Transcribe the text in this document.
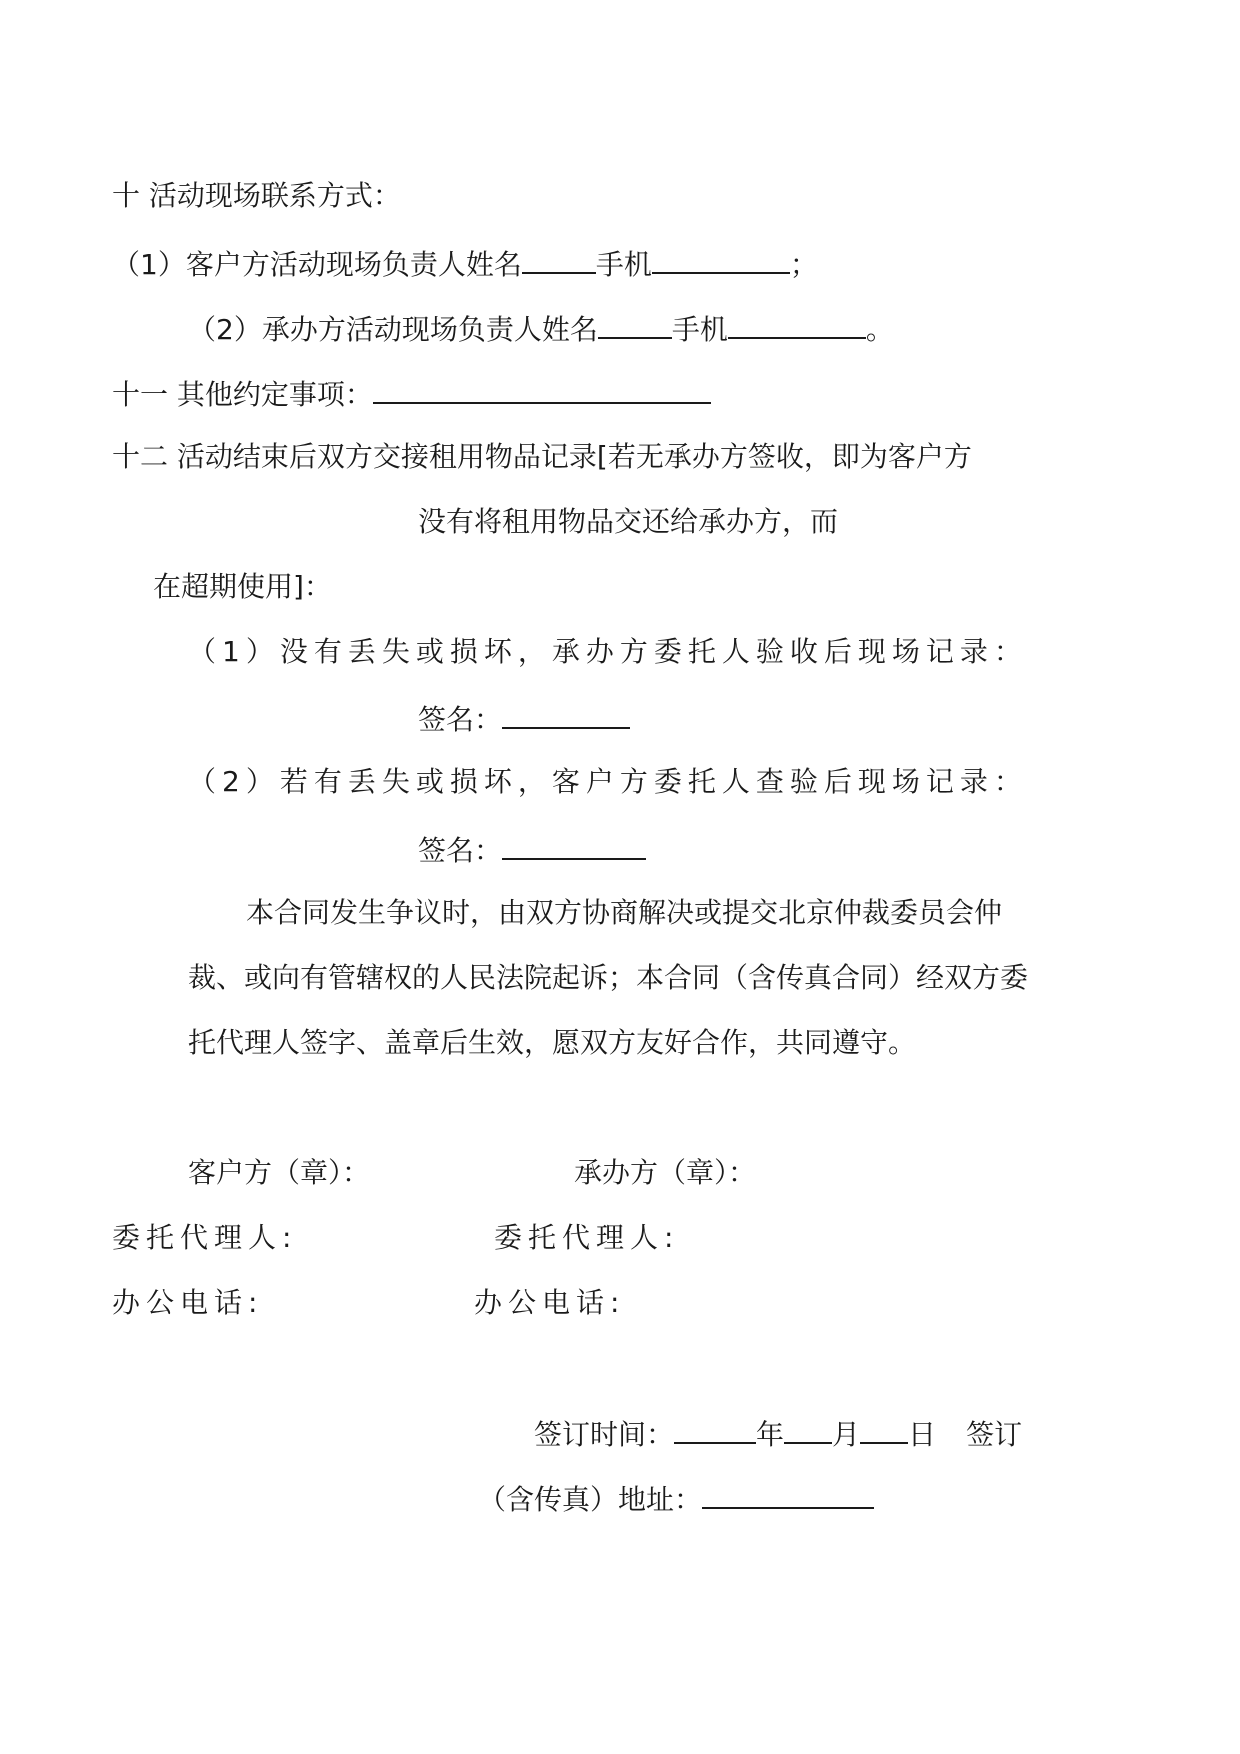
十 活动现场联系方式：
（1）客户方活动现场负责人姓名	手机	；
（2）承办方活动现场负责人姓名	手机	。
十一 其他约定事项：
十二 活动结束后双方交接租用物品记录[若无承办方签收，即为客户方
没有将租用物品交还给承办方，而
在超期使用]：
（1）没有丢失或损坏，承办方委托人验收后现场记录：
签名：
（2）若有丢失或损坏，客户方委托人查验后现场记录：
签名：
本合同发生争议时，由双方协商解决或提交北京仲裁委员会仲
裁、或向有管辖权的人民法院起诉；本合同（含传真合同）经双方委
托代理人签字、盖章后生效，愿双方友好合作，共同遵守。
客户方（章）：	承办方（章）：
委托代理人:	委托代理人:
办公电话:	办公电话:
签订时间：	年 月 日 签订
（含传真）地址：
